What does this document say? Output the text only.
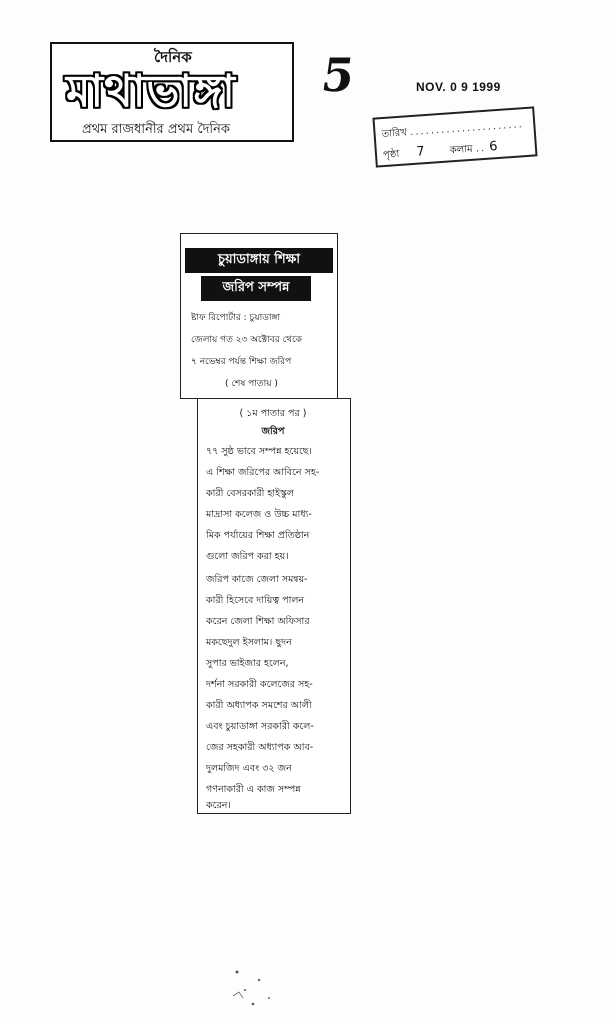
দৈনিক
মাথাভাঙ্গা
প্রথম রাজধানীর প্রথম দৈনিক
5	NOV. 0 9 1999
তারিখ ......................
পৃষ্ঠা 7 কলাম .. 6
চুয়াডাঙ্গায় শিক্ষা
জরিপ সম্পন্ন
ষ্টাফ রিপোর্টার : চুয়াডাঙ্গা
জেলায় গত ২৩ অক্টোবর থেকে
৭ নভেম্বর পর্যন্ত শিক্ষা জরিপ
( শেষ পাতায় )
( ১ম পাতার পর )
জরিপ
৭৭ সুষ্ঠ ভাবে সম্পন্ন হয়েছে।
এ শিক্ষা জরিপের আবিনে সহ-
কারী বেসরকারী হাইস্কুল
মাদ্রাসা কলেজ ও উচ্চ মাধ্য-
মিক পর্যায়ের শিক্ষা প্রতিষ্ঠান
গুলো জরিপ করা হয়।
জরিপ কাজে জেলা সমন্বয়-
কারী হিসেবে দায়িত্ব পালন
করেন জেলা শিক্ষা অফিসার
মকছেদুল ইসলাম। ছুদন
সুপার ভাইজার হলেন,
দর্শনা সরকারী কলেজের সহ-
কারী অধ্যাপক সমশের আলী
এবং চুয়াডাঙ্গা সরকারী কলে-
জের সহকারী অধ্যাপক আব-
দুলমজিদ এবং ৩২ জন
গণনাকারী এ কাজ সম্পন্ন
করেন।
